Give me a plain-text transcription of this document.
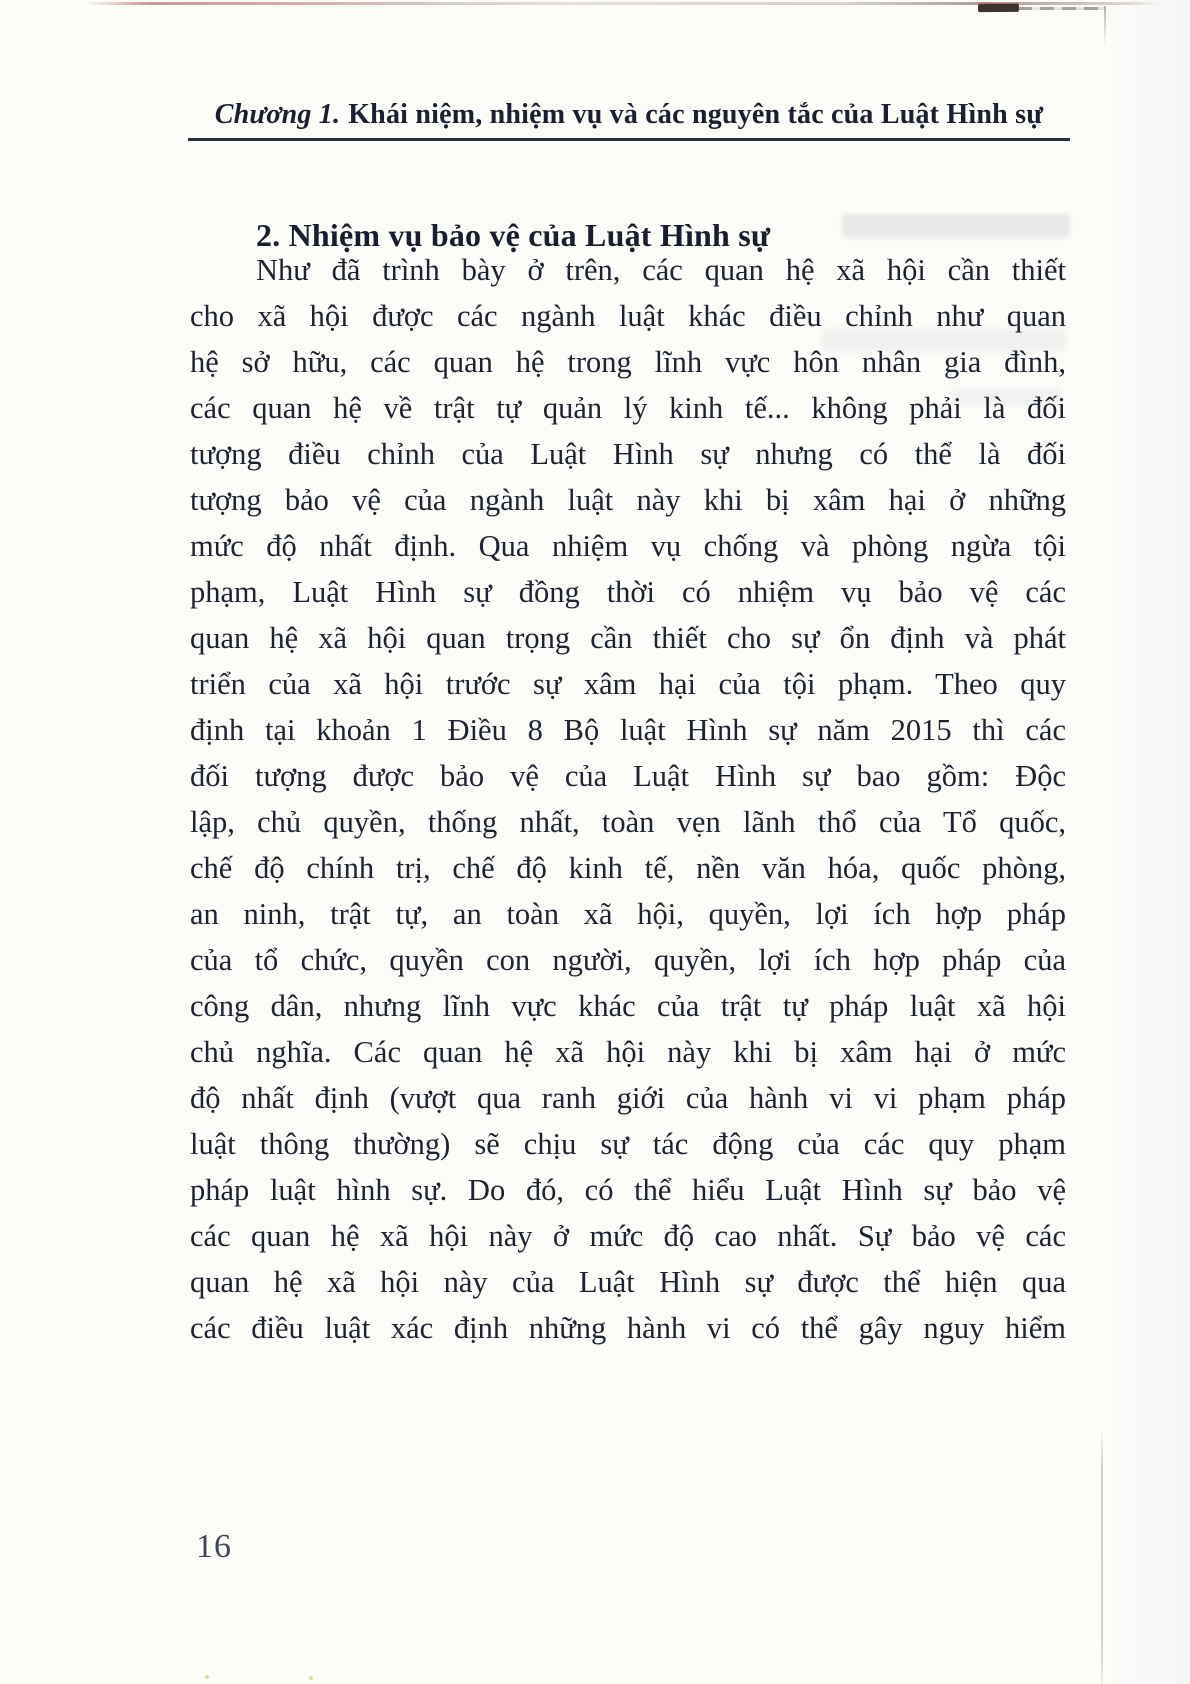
Chương 1. Khái niệm, nhiệm vụ và các nguyên tắc của Luật Hình sự
2. Nhiệm vụ bảo vệ của Luật Hình sự
Như đã trình bày ở trên, các quan hệ xã hội cần thiết
cho xã hội được các ngành luật khác điều chỉnh như quan
hệ sở hữu, các quan hệ trong lĩnh vực hôn nhân gia đình,
các quan hệ về trật tự quản lý kinh tế... không phải là đối
tượng điều chỉnh của Luật Hình sự nhưng có thể là đối
tượng bảo vệ của ngành luật này khi bị xâm hại ở những
mức độ nhất định. Qua nhiệm vụ chống và phòng ngừa tội
phạm, Luật Hình sự đồng thời có nhiệm vụ bảo vệ các
quan hệ xã hội quan trọng cần thiết cho sự ổn định và phát
triển của xã hội trước sự xâm hại của tội phạm. Theo quy
định tại khoản 1 Điều 8 Bộ luật Hình sự năm 2015 thì các
đối tượng được bảo vệ của Luật Hình sự bao gồm: Độc
lập, chủ quyền, thống nhất, toàn vẹn lãnh thổ của Tổ quốc,
chế độ chính trị, chế độ kinh tế, nền văn hóa, quốc phòng,
an ninh, trật tự, an toàn xã hội, quyền, lợi ích hợp pháp
của tổ chức, quyền con người, quyền, lợi ích hợp pháp của
công dân, nhưng lĩnh vực khác của trật tự pháp luật xã hội
chủ nghĩa. Các quan hệ xã hội này khi bị xâm hại ở mức
độ nhất định (vượt qua ranh giới của hành vi vi phạm pháp
luật thông thường) sẽ chịu sự tác động của các quy phạm
pháp luật hình sự. Do đó, có thể hiểu Luật Hình sự bảo vệ
các quan hệ xã hội này ở mức độ cao nhất. Sự bảo vệ các
quan hệ xã hội này của Luật Hình sự được thể hiện qua
các điều luật xác định những hành vi có thể gây nguy hiểm
16
